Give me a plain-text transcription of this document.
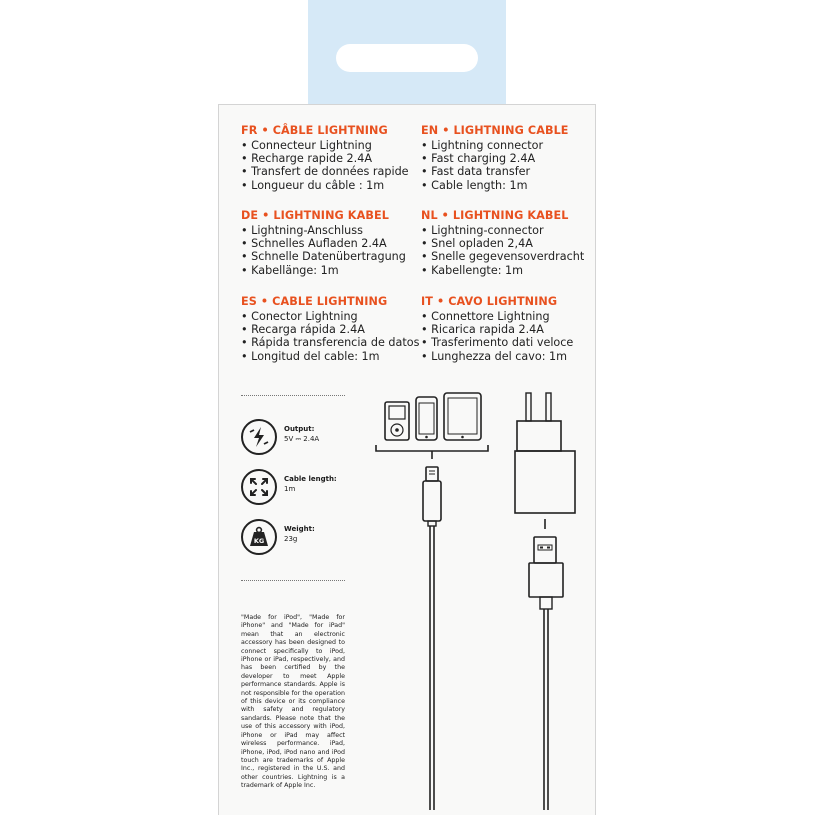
FR • CÂBLE LIGHTNING
• Connecteur Lightning
• Recharge rapide 2.4A
• Transfert de données rapide
• Longueur du câble : 1m
EN • LIGHTNING CABLE
• Lightning connector
• Fast charging 2.4A
• Fast data transfer
• Cable length: 1m
DE • LIGHTNING KABEL
• Lightning-Anschluss
• Schnelles Aufladen 2.4A
• Schnelle Datenübertragung
• Kabellänge: 1m
NL • LIGHTNING KABEL
• Lightning-connector
• Snel opladen 2,4A
• Snelle gegevensoverdracht
• Kabellengte: 1m
ES • CABLE LIGHTNING
• Conector Lightning
• Recarga rápida 2.4A
• Rápida transferencia de datos
• Longitud del cable: 1m
IT • CAVO LIGHTNING
• Connettore Lightning
• Ricarica rapida 2.4A
• Trasferimento dati veloce
• Lunghezza del cavo: 1m
Output:
5V ⎓ 2.4A
Cable length:
1m
KG
Weight:
23g
"Made for iPod", "Made for iPhone" and "Made for iPad" mean that an electronic accessory has been designed to connect specifically to iPod, iPhone or iPad, respectively, and has been certified by the developer to meet Apple performance standards. Apple is not responsible for the operation of this device or its compliance with safety and regulatory sandards. Please note that the use of this accessory with iPod, iPhone or iPad may affect wireless performance. iPad, iPhone, iPod, iPod nano and iPod touch are trademarks of Apple Inc., registered in the U.S. and other countries. Lightning is a trademark of Apple Inc.
